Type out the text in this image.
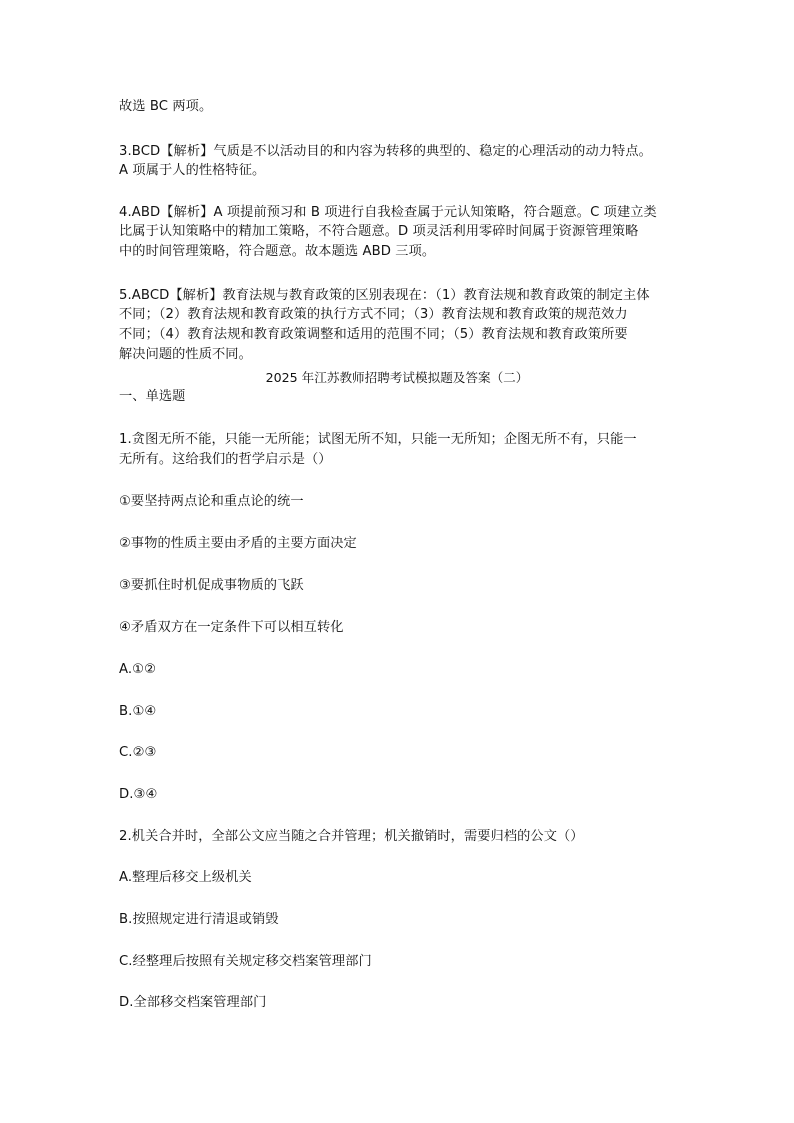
故选 BC 两项。
3.BCD【解析】气质是不以活动目的和内容为转移的典型的、稳定的心理活动的动力特点。
A 项属于人的性格特征。
4.ABD【解析】A 项提前预习和 B 项进行自我检查属于元认知策略，符合题意。C 项建立类
比属于认知策略中的精加工策略，不符合题意。D 项灵活利用零碎时间属于资源管理策略
中的时间管理策略，符合题意。故本题选 ABD 三项。
5.ABCD【解析】教育法规与教育政策的区别表现在：（1）教育法规和教育政策的制定主体
不同；（2）教育法规和教育政策的执行方式不同；（3）教育法规和教育政策的规范效力
不同；（4）教育法规和教育政策调整和适用的范围不同；（5）教育法规和教育政策所要
解决问题的性质不同。
2025 年江苏教师招聘考试模拟题及答案（二）
一、单选题
1.贪图无所不能，只能一无所能；试图无所不知，只能一无所知；企图无所不有，只能一
无所有。这给我们的哲学启示是（）
①要坚持两点论和重点论的统一
②事物的性质主要由矛盾的主要方面决定
③要抓住时机促成事物质的飞跃
④矛盾双方在一定条件下可以相互转化
A.①②
B.①④
C.②③
D.③④
2.机关合并时，全部公文应当随之合并管理；机关撤销时，需要归档的公文（）
A.整理后移交上级机关
B.按照规定进行清退或销毁
C.经整理后按照有关规定移交档案管理部门
D.全部移交档案管理部门
